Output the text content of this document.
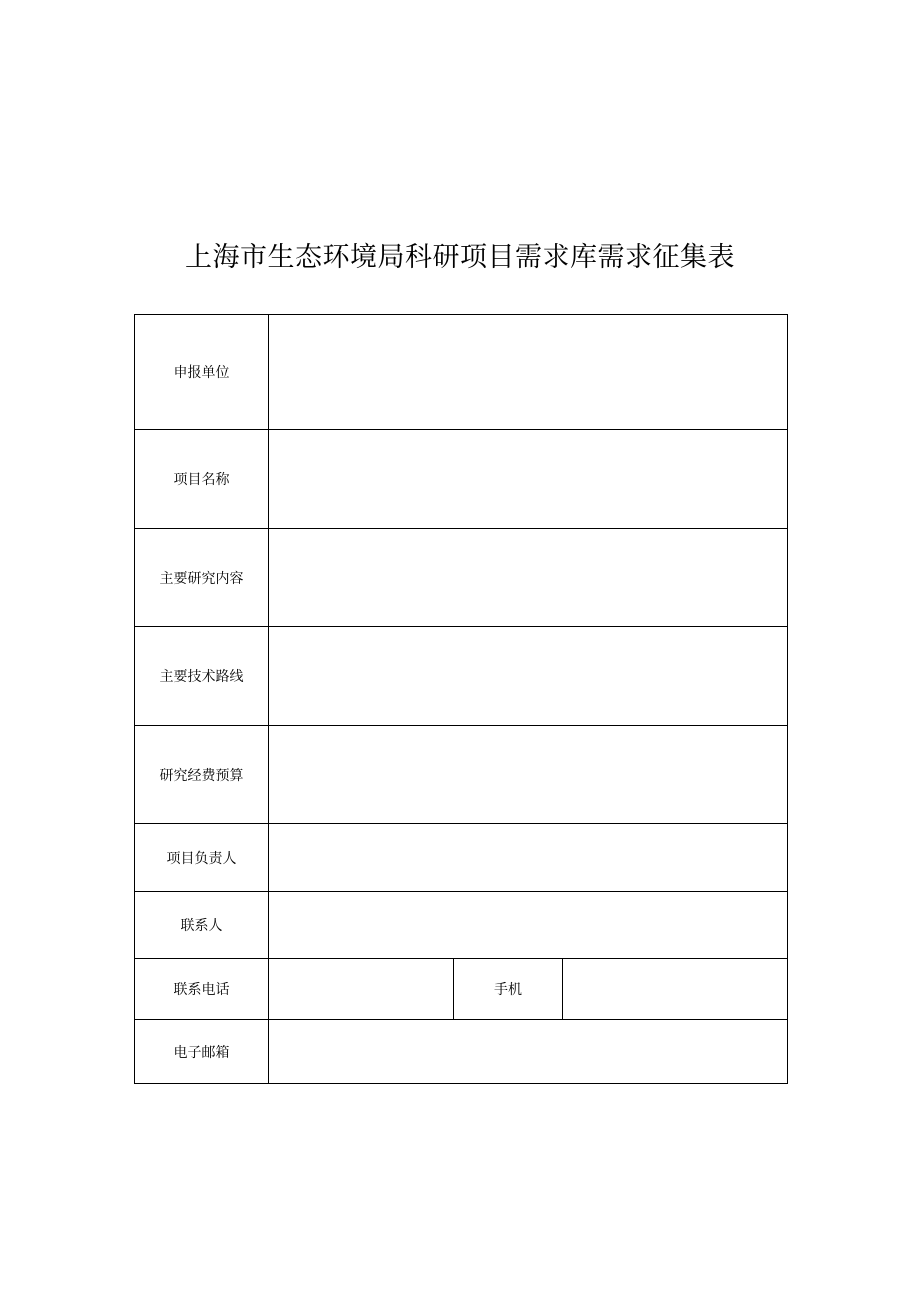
上海市生态环境局科研项目需求库需求征集表
申报单位			
项目名称			
主要研究内容			
主要技术路线			
研究经费预算			
项目负责人			
联系人			
联系电话		手机	
电子邮箱			
